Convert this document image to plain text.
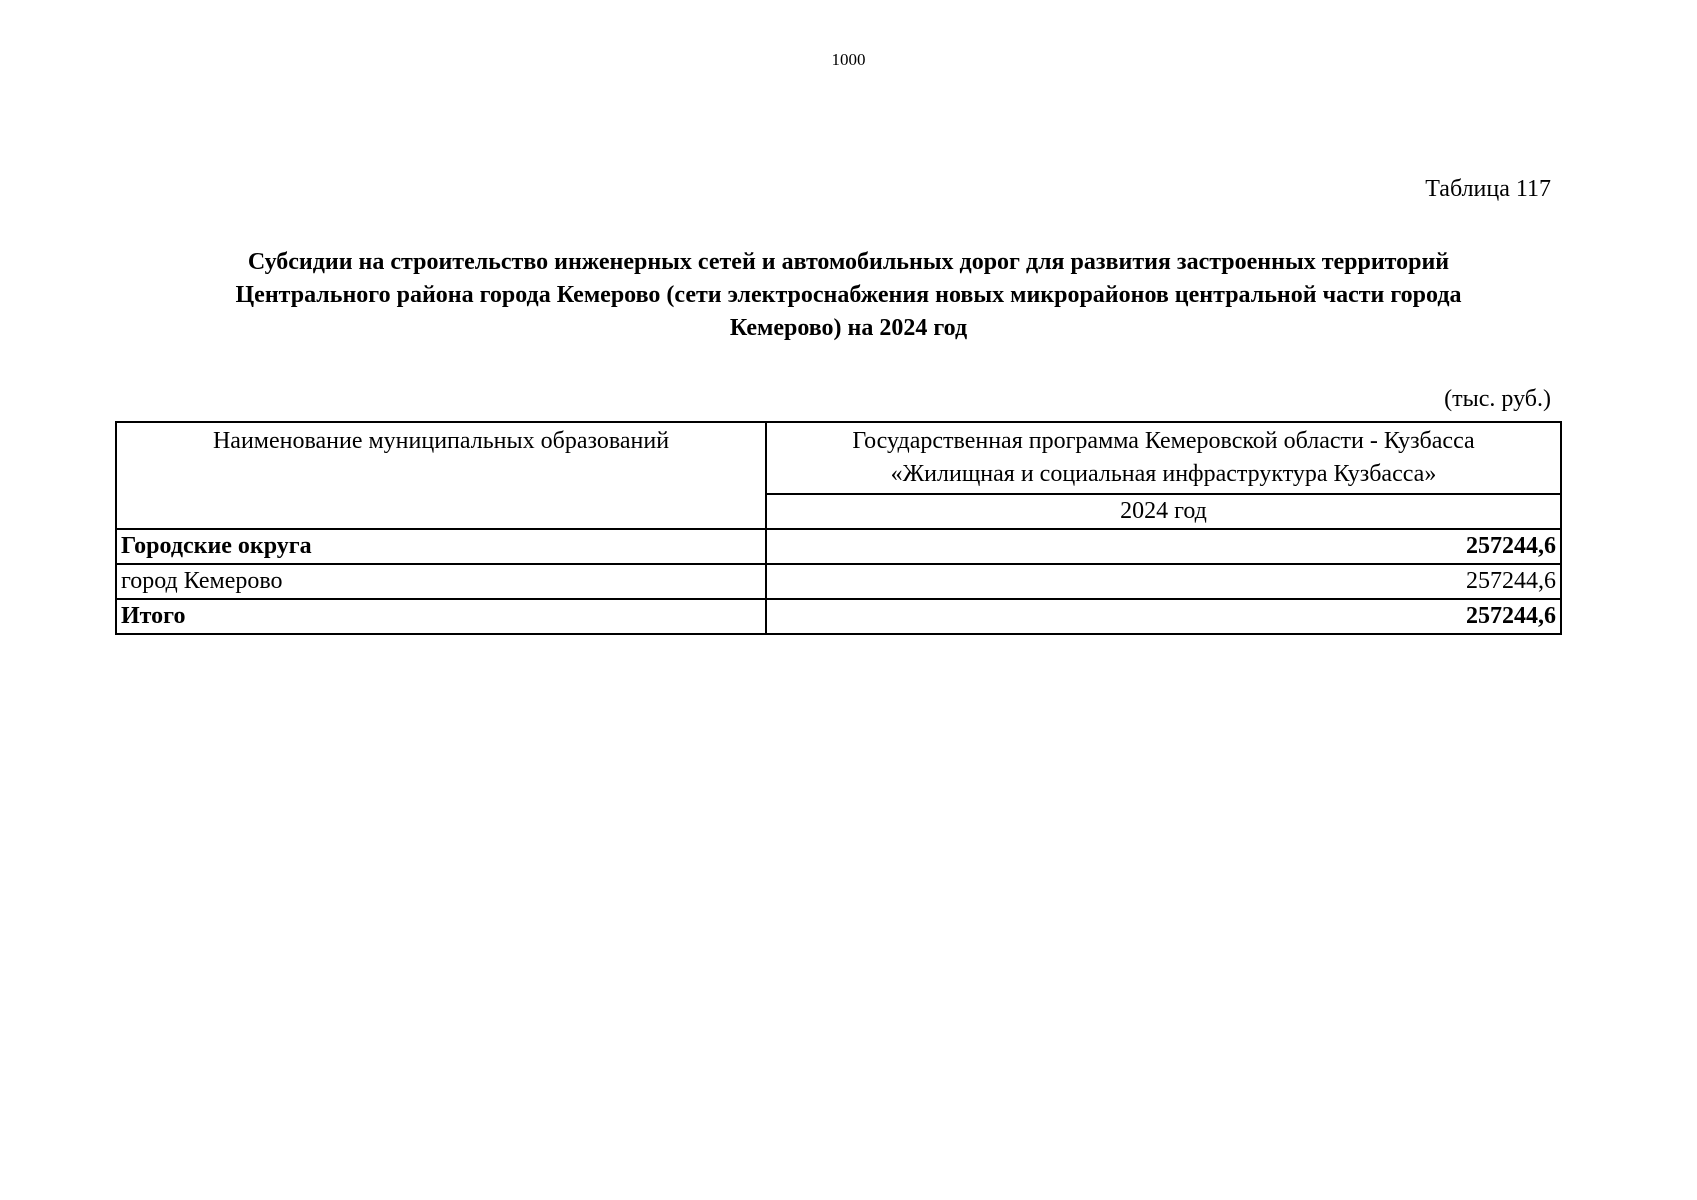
1000
Таблица 117
Субсидии на строительство инженерных сетей и автомобильных дорог для развития застроенных территорий
Центрального района города Кемерово (сети электроснабжения новых микрорайонов центральной части города
Кемерово) на 2024 год
(тыс. руб.)
Наименование муниципальных образований	Государственная программа Кемеровской области - Кузбасса
«Жилищная и социальная инфраструктура Кузбасса»

	2024 год
Городские округа	257244,6
город Кемерово	257244,6
Итого	257244,6
